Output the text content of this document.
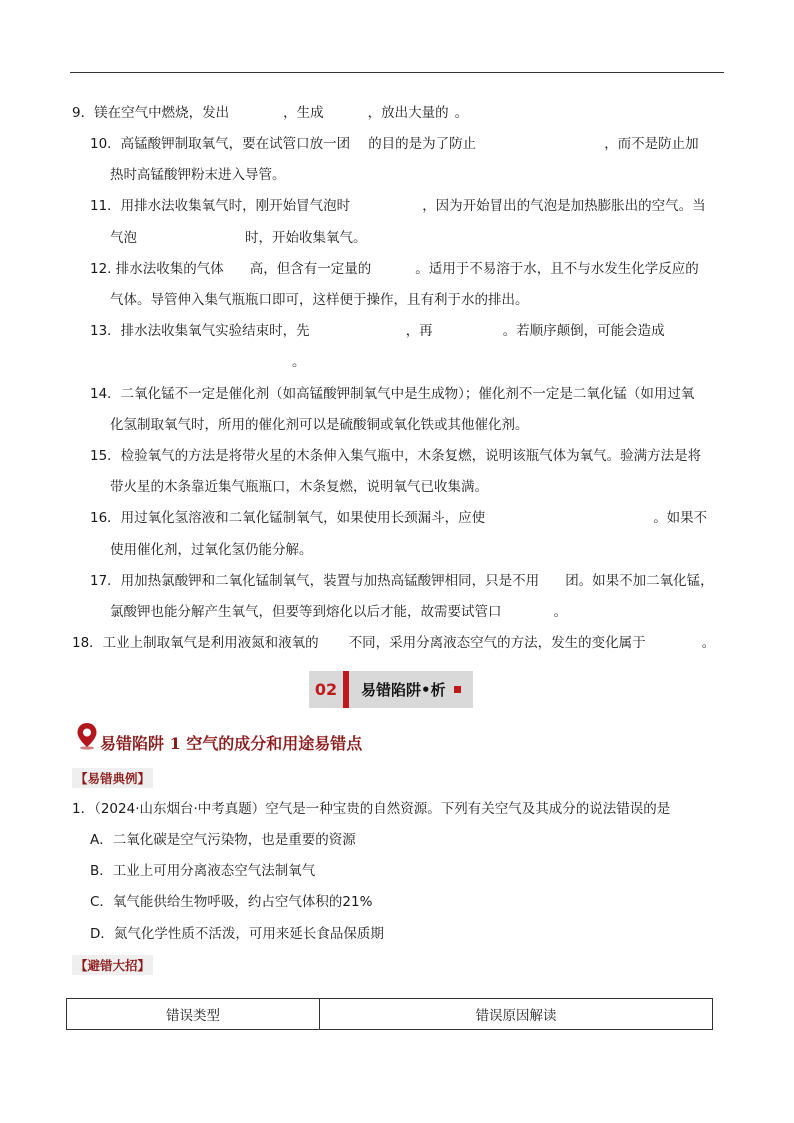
9．镁在空气中燃烧，发出	，生成	，放出大量的 。
10．高锰酸钾制取氧气，要在试管口放一团 的目的是为了防止	，而不是防止加
热时高锰酸钾粉末进入导管。
11．用排水法收集氧气时，刚开始冒气泡时	，因为开始冒出的气泡是加热膨胀出的空气。当
气泡	时，开始收集氧气。
12. 排水法收集的气体 高，但含有一定量的	。适用于不易溶于水，且不与水发生化学反应的
气体。导管伸入集气瓶瓶口即可，这样便于操作，且有利于水的排出。
13．排水法收集氧气实验结束时，先	，再	。若顺序颠倒，可能会造成
。
14．二氧化锰不一定是催化剂（如高锰酸钾制氧气中是生成物）；催化剂不一定是二氧化锰（如用过氧
化氢制取氧气时，所用的催化剂可以是硫酸铜或氧化铁或其他催化剂。
15．检验氧气的方法是将带火星的木条伸入集气瓶中，木条复燃，说明该瓶气体为氧气。验满方法是将
带火星的木条靠近集气瓶瓶口，木条复燃，说明氧气已收集满。
16．用过氧化氢溶液和二氧化锰制氧气，如果使用长颈漏斗，应使	。如果不
使用催化剂，过氧化氢仍能分解。
17．用加热氯酸钾和二氧化锰制氧气，装置与加热高锰酸钾相同，只是不用 团。如果不加二氧化锰，
氯酸钾也能分解产生氧气，但要等到熔化以后才能，故需要试管口	。
18．工业上制取氧气是利用液氮和液氧的 不同，采用分离液态空气的方法，发生的变化属于	。
02	易错陷阱•析
易错陷阱 1 空气的成分和用途易错点
【易错典例】
1．（2024·山东烟台·中考真题）空气是一种宝贵的自然资源。下列有关空气及其成分的说法错误的是
A．二氧化碳是空气污染物，也是重要的资源
B．工业上可用分离液态空气法制氧气
C．氧气能供给生物呼吸，约占空气体积的21%
D．氮气化学性质不活泼，可用来延长食品保质期
【避错大招】
错误类型	错误原因解读
